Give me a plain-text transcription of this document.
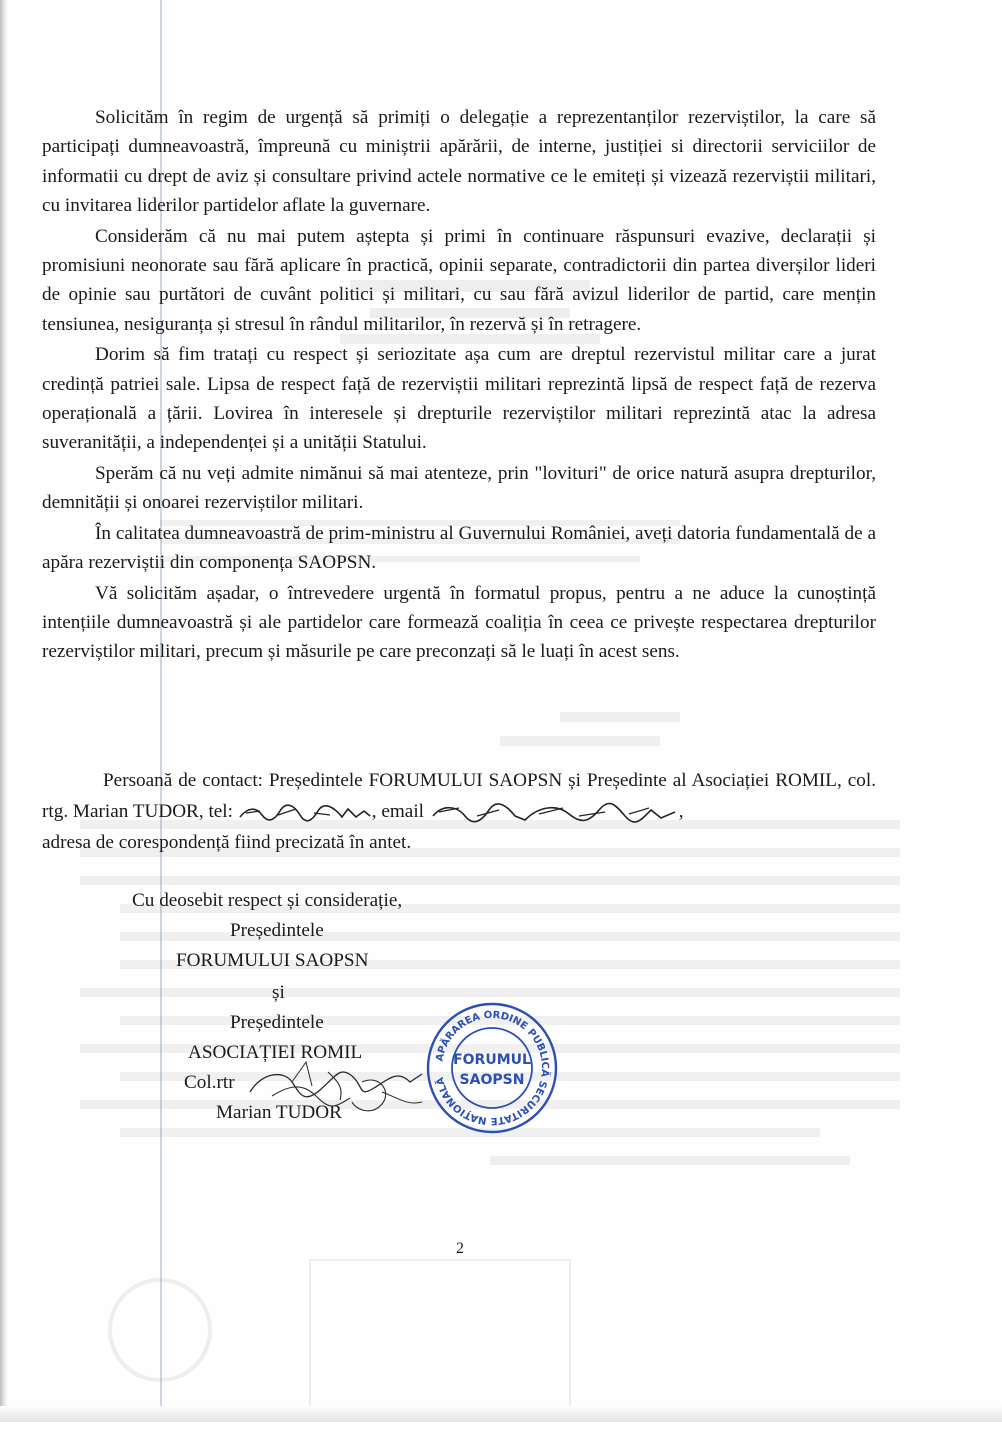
Solicităm în regim de urgență să primiți o delegație a reprezentanților rezerviștilor, la care să participați dumneavoastră, împreună cu miniștrii apărării, de interne, justiției si directorii serviciilor de informatii cu drept de aviz și consultare privind actele normative ce le emiteți și vizează rezerviștii militari, cu invitarea liderilor partidelor aflate la guvernare.

Considerăm că nu mai putem aștepta și primi în continuare răspunsuri evazive, declarații și promisiuni neonorate sau fără aplicare în practică, opinii separate, contradictorii din partea diverșilor lideri de opinie sau purtători de cuvânt politici și militari, cu sau fără avizul liderilor de partid, care mențin tensiunea, nesiguranța și stresul în rândul militarilor, în rezervă și în retragere.

Dorim să fim tratați cu respect și seriozitate așa cum are dreptul rezervistul militar care a jurat credință patriei sale. Lipsa de respect față de rezerviștii militari reprezintă lipsă de respect față de rezerva operațională a țării. Lovirea în interesele și drepturile rezerviștilor militari reprezintă atac la adresa suveranității, a independenței și a unității Statului.

Sperăm că nu veți admite nimănui să mai atenteze, prin "lovituri" de orice natură asupra drepturilor, demnității și onoarei rezerviștilor militari.

În calitatea dumneavoastră de prim-ministru al Guvernului României, aveți datoria fundamentală de a apăra rezerviștii din componența SAOPSN.

Vă solicităm așadar, o întrevedere urgentă în formatul propus, pentru a ne aduce la cunoștință intențiile dumneavoastră și ale partidelor care formează coaliția în ceea ce privește respectarea drepturilor rezerviștilor militari, precum și măsurile pe care preconzați să le luați în acest sens.

Persoană de contact: Președintele FORUMULUI SAOPSN și Președinte al Asociației ROMIL, col. rtg. Marian TUDOR, tel:	, email	,
adresa de corespondență fiind precizată în antet.
Cu deosebit respect și considerație,
Președintele
FORUMULUI SAOPSN
și
Președintele
ASOCIAȚIEI ROMIL
Col.rtr
Marian TUDOR
APĂRAREA ORDINE PUBLICĂ SECURITATE NAȚIONALĂ
FORUMUL
SAOPSN
2
